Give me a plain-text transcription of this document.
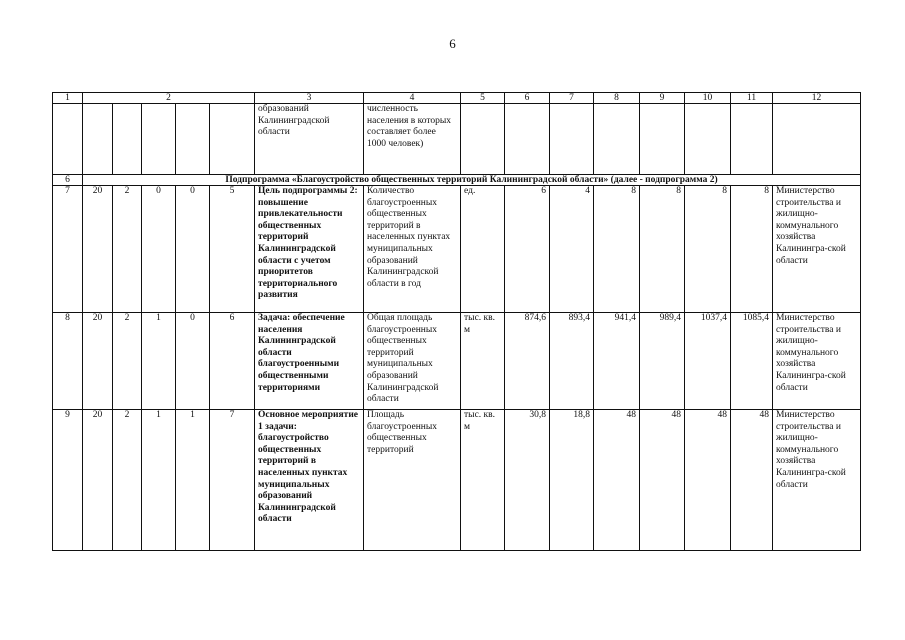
6
1	2					3	4	5	6	7	8	9	10	11	12
						образований Калининградской области	численность населения в которых составляет более 1000 человек)								
6	Подпрограмма «Благоустройство общественных территорий Калининградской области» (далее - подпрограмма 2)														
7	20	2	0	0	5	Цель подпрограммы 2: повышение привлекательности общественных территорий Калининградской области с учетом приоритетов территориального развития	Количество благоустроенных общественных территорий в населенных пунктах муниципальных образований Калининградской области в год	ед.	6	4	8	8	8	8	Министерство строительства и жилищно-коммунального хозяйства Калинингра-ской области
8	20	2	1	0	6	Задача: обеспечение населения Калининградской области благоустроенными общественными территориями	Общая площадь благоустроенных общественных территорий муниципальных образований Калининградской области	тыс. кв. м	874,6	893,4	941,4	989,4	1037,4	1085,4	Министерство строительства и жилищно-коммунального хозяйства Калинингра-ской области
9	20	2	1	1	7	Основное мероприятие 1 задачи: благоустройство общественных территорий в населенных пунктах муниципальных образований Калининградской области	Площадь благоустроенных общественных территорий	тыс. кв. м	30,8	18,8	48	48	48	48	Министерство строительства и жилищно-коммунального хозяйства Калинингра-ской области
